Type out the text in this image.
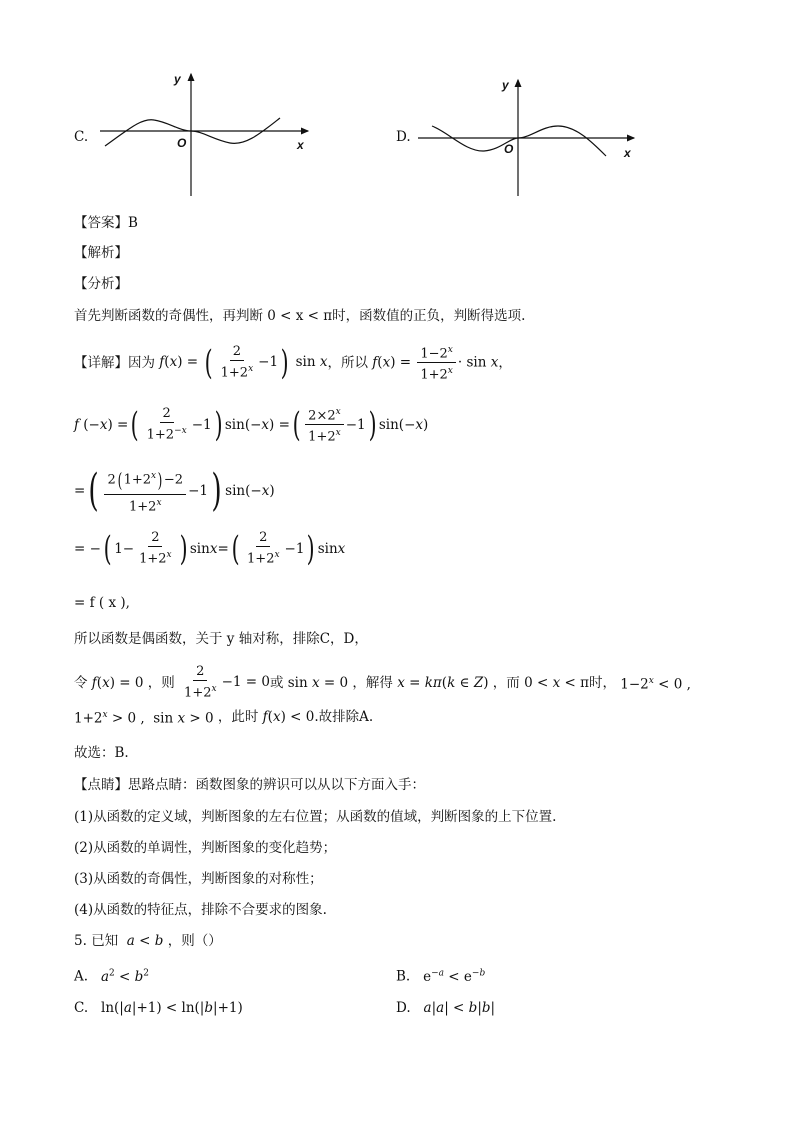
C.
y
x
O	D.
y
x
O
【答案】B
【解析】
【分析】
首先判断函数的奇偶性，再判断 0 < x < π时，函数值的正负，判断得选项.
【详解】 因为 f(x) = ( $\frac{2}{1+2^x} -1$) sin x ，所以 $f(x) = \frac{1-2^x}{1+2^x} \cdot \sin x$ ，
f (− x ) = ( $\frac{2}{1+2^{-x}} -1$ ) sin(− x ) = ( $\frac{2\times 2^x}{1+2^x} -1$ ) sin(− x )
= ( $\frac{2( 1+2^x) -2}{1+2^x} -1$ ) sin(− x )
= − ( $1- \frac{2}{1+2^x}$ ) sin x = ( $\frac{2}{1+2^x} -1$ ) sin x
= f ( x ),
所以函数是偶函数，关于 y 轴对称，排除C，D，
令 f(x) = 0 ，则
$\frac{2}{1+2^x} -1 = 0$ 或 sin x = 0 ，解得 x = kπ(k ∈ Z) ，而 0 < x < π 时， $1-2^x < 0$ ,
$1+2^x > 0$ ,  sin x > 0 ，此时 f(x) < 0 .故排除A.
故选：B.
【点睛】思路点睛：函数图象的辨识可以从以下方面入手：
(1)从函数的定义域，判断图象的左右位置；从函数的值域，判断图象的上下位置.
(2)从函数的单调性，判断图象的变化趋势；
(3)从函数的奇偶性，判断图象的对称性；
(4)从函数的特征点，排除不合要求的图象.
5. 已知 a < b ，则（）
A. $a^2 < b^2$	B.   $e^{-a} < e^{-b}$
C.   ln(|a|+1) < ln(|b|+1)	D. a|a| < b|b|
